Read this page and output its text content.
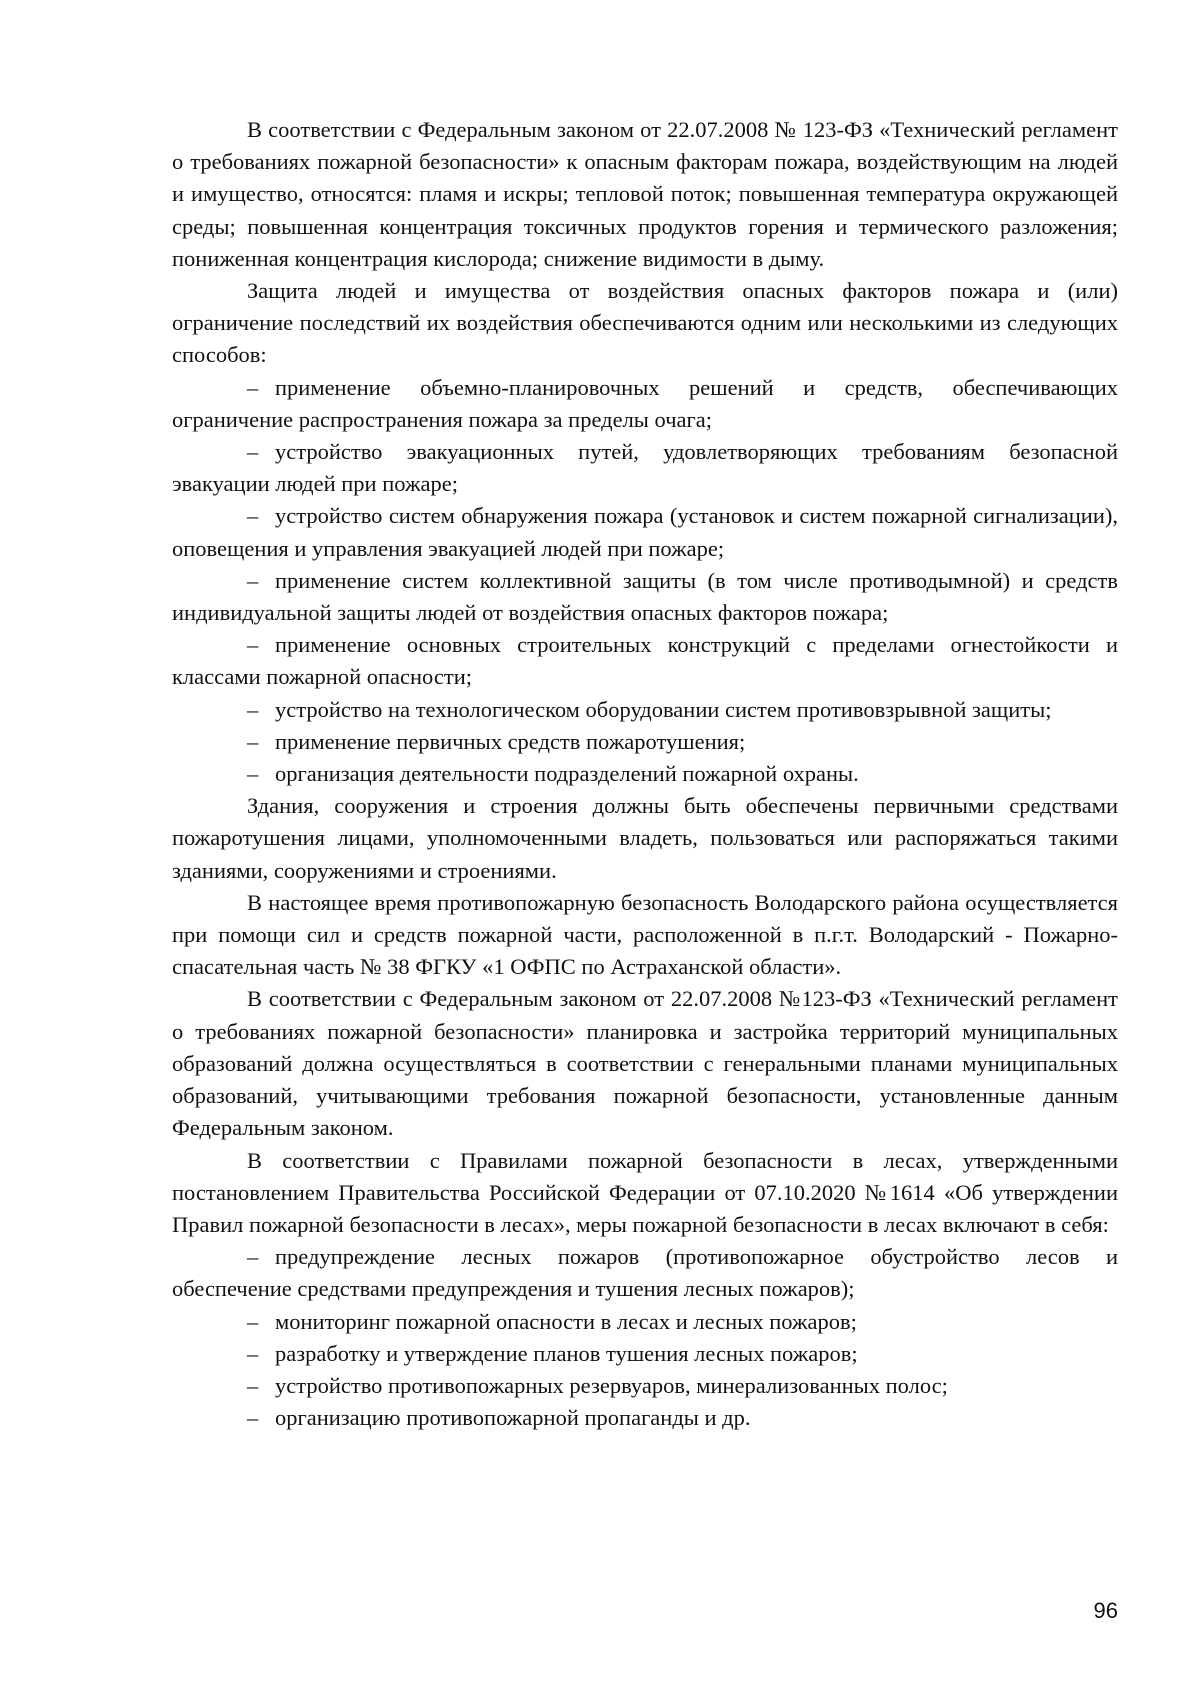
В соответствии с Федеральным законом от 22.07.2008 № 123-ФЗ «Технический регламент о требованиях пожарной безопасности» к опасным факторам пожара, воздействующим на людей и имущество, относятся: пламя и искры; тепловой поток; повышенная температура окружающей среды; повышенная концентрация токсичных продуктов горения и термического разложения; пониженная концентрация кислорода; снижение видимости в дыму.

Защита людей и имущества от воздействия опасных факторов пожара и (или) ограничение последствий их воздействия обеспечиваются одним или несколькими из следующих способов:

– применение объемно-планировочных решений и средств, обеспечивающих ограничение распространения пожара за пределы очага;

– устройство эвакуационных путей, удовлетворяющих требованиям безопасной эвакуации людей при пожаре;

– устройство систем обнаружения пожара (установок и систем пожарной сигнализации), оповещения и управления эвакуацией людей при пожаре;

– применение систем коллективной защиты (в том числе противодымной) и средств индивидуальной защиты людей от воздействия опасных факторов пожара;

– применение основных строительных конструкций с пределами огнестойкости и классами пожарной опасности;

– устройство на технологическом оборудовании систем противовзрывной защиты;

– применение первичных средств пожаротушения;

– организация деятельности подразделений пожарной охраны.

Здания, сооружения и строения должны быть обеспечены первичными средствами пожаротушения лицами, уполномоченными владеть, пользоваться или распоряжаться такими зданиями, сооружениями и строениями.

В настоящее время противопожарную безопасность Володарского района осуществляется при помощи сил и средств пожарной части, расположенной в п.г.т. Володарский - Пожарно-спасательная часть № 38 ФГКУ «1 ОФПС по Астраханской области».

В соответствии с Федеральным законом от 22.07.2008 №123-ФЗ «Технический регламент о требованиях пожарной безопасности» планировка и застройка территорий муниципальных образований должна осуществляться в соответствии с генеральными планами муниципальных образований, учитывающими требования пожарной безопасности, установленные данным Федеральным законом.

В соответствии с Правилами пожарной безопасности в лесах, утвержденными постановлением Правительства Российской Федерации от 07.10.2020 №1614 «Об утверждении Правил пожарной безопасности в лесах», меры пожарной безопасности в лесах включают в себя:

– предупреждение лесных пожаров (противопожарное обустройство лесов и обеспечение средствами предупреждения и тушения лесных пожаров);

– мониторинг пожарной опасности в лесах и лесных пожаров;

– разработку и утверждение планов тушения лесных пожаров;

– устройство противопожарных резервуаров, минерализованных полос;

– организацию противопожарной пропаганды и др.

96
